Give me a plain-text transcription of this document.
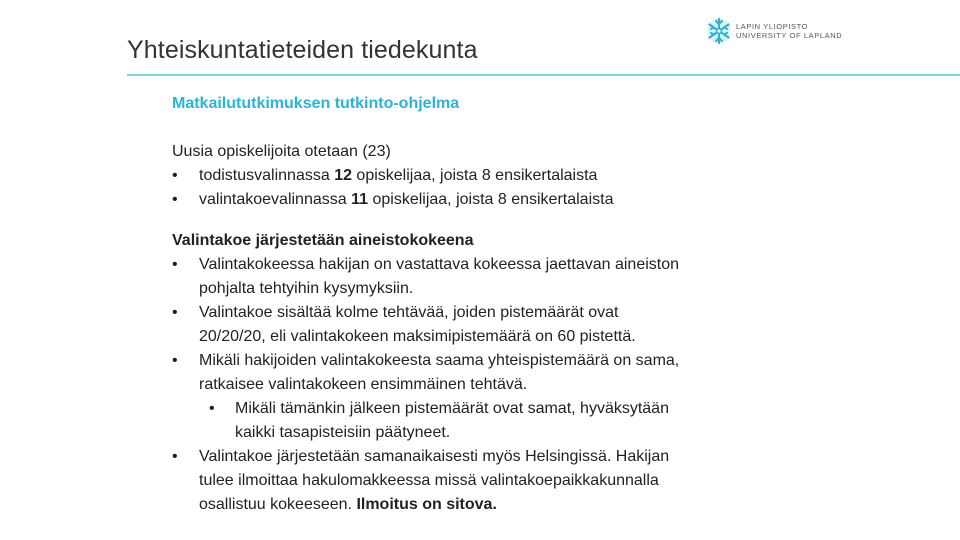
Yhteiskuntatieteiden tiedekunta
LAPIN YLIOPISTO
UNIVERSITY OF LAPLAND
Matkailututkimuksen tutkinto-ohjelma
Uusia opiskelijoita otetaan (23)
• todistusvalinnassa 12 opiskelijaa, joista 8 ensikertalaista
• valintakoevalinnassa 11 opiskelijaa, joista 8 ensikertalaista
Valintakoe järjestetään aineistokokeena
• Valintakokeessa hakijan on vastattava kokeessa jaettavan aineiston
pohjalta tehtyihin kysymyksiin.
• Valintakoe sisältää kolme tehtävää, joiden pistemäärät ovat
20/20/20, eli valintakokeen maksimipistemäärä on 60 pistettä.
• Mikäli hakijoiden valintakokeesta saama yhteispistemäärä on sama,
ratkaisee valintakokeen ensimmäinen tehtävä.
• Mikäli tämänkin jälkeen pistemäärät ovat samat, hyväksytään
kaikki tasapisteisiin päätyneet.
• Valintakoe järjestetään samanaikaisesti myös Helsingissä. Hakijan
tulee ilmoittaa hakulomakkeessa missä valintakoepaikkakunnalla
osallistuu kokeeseen. Ilmoitus on sitova.
